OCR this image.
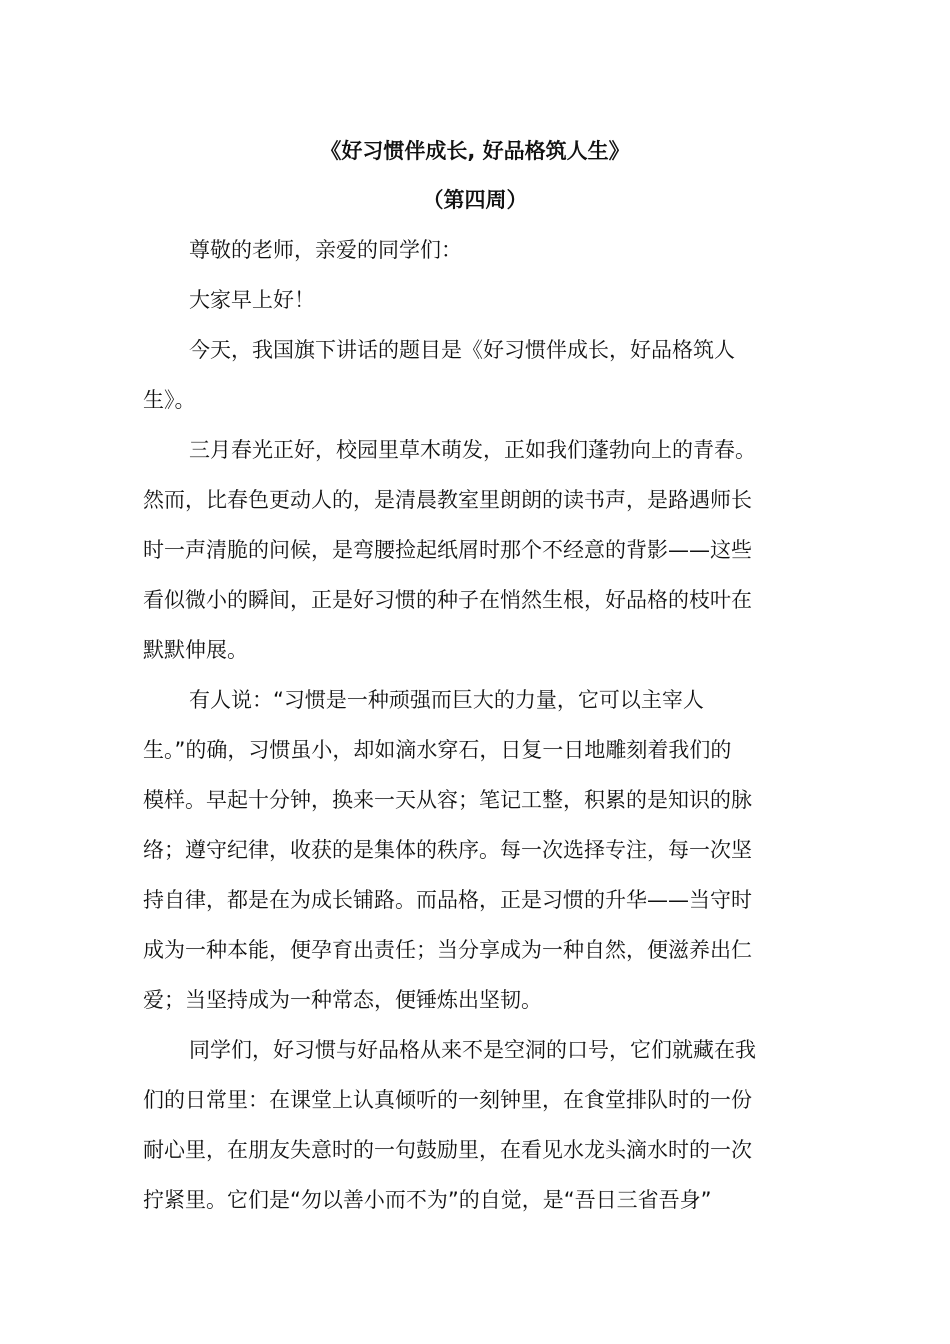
《好习惯伴成长, 好品格筑人生》
（第四周）
尊敬的老师，亲爱的同学们：
大家早上好！
今天，我国旗下讲话的题目是《好习惯伴成长，好品格筑人
生》。
三月春光正好，校园里草木萌发，正如我们蓬勃向上的青春。
然而，比春色更动人的，是清晨教室里朗朗的读书声，是路遇师长
时一声清脆的问候，是弯腰捡起纸屑时那个不经意的背影——这些
看似微小的瞬间，正是好习惯的种子在悄然生根，好品格的枝叶在
默默伸展。
有人说：“习惯是一种顽强而巨大的力量，它可以主宰人
生。”的确，习惯虽小，却如滴水穿石，日复一日地雕刻着我们的
模样。早起十分钟，换来一天从容；笔记工整，积累的是知识的脉
络；遵守纪律，收获的是集体的秩序。每一次选择专注，每一次坚
持自律，都是在为成长铺路。而品格，正是习惯的升华——当守时
成为一种本能，便孕育出责任；当分享成为一种自然，便滋养出仁
爱；当坚持成为一种常态，便锤炼出坚韧。
同学们，好习惯与好品格从来不是空洞的口号，它们就藏在我
们的日常里：在课堂上认真倾听的一刻钟里，在食堂排队时的一份
耐心里，在朋友失意时的一句鼓励里，在看见水龙头滴水时的一次
拧紧里。它们是“勿以善小而不为”的自觉，是“吾日三省吾身”
